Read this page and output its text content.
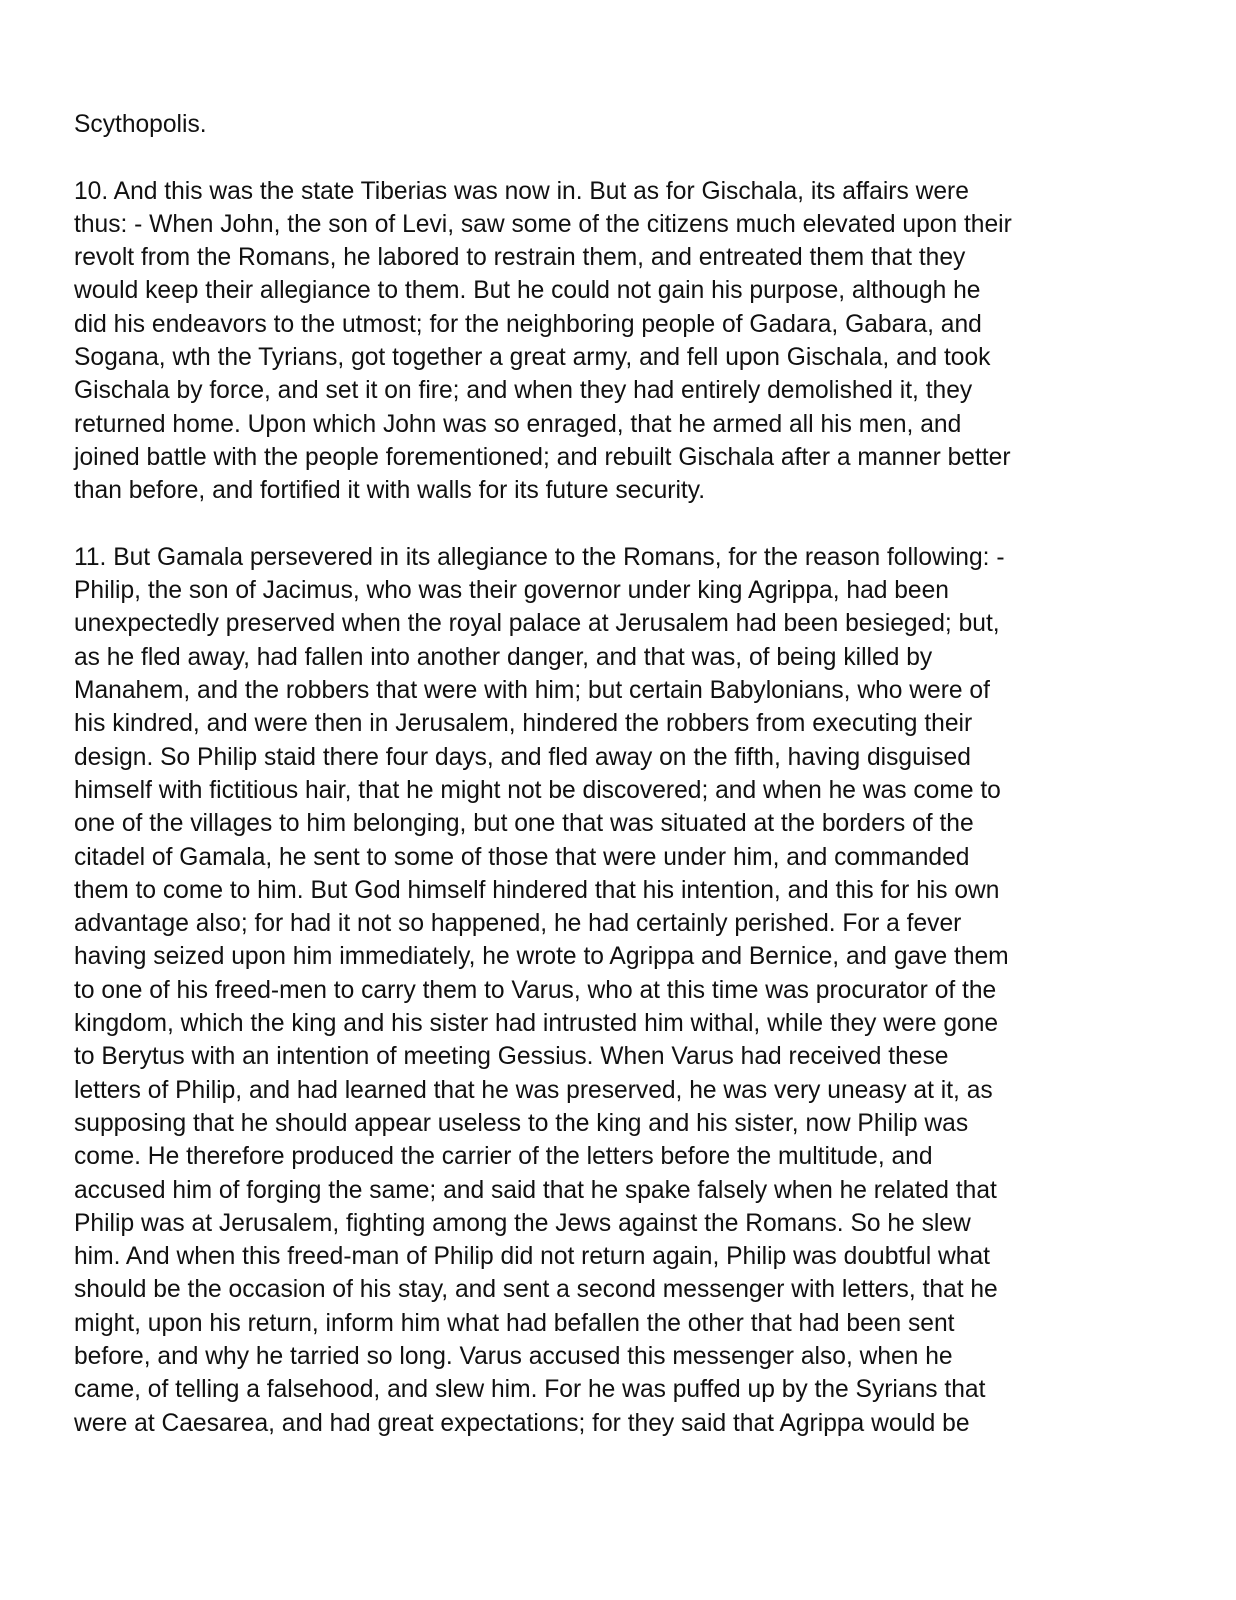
Scythopolis.
10. And this was the state Tiberias was now in. But as for Gischala, its affairs were
thus: - When John, the son of Levi, saw some of the citizens much elevated upon their
revolt from the Romans, he labored to restrain them, and entreated them that they
would keep their allegiance to them. But he could not gain his purpose, although he
did his endeavors to the utmost; for the neighboring people of Gadara, Gabara, and
Sogana, wth the Tyrians, got together a great army, and fell upon Gischala, and took
Gischala by force, and set it on fire; and when they had entirely demolished it, they
returned home. Upon which John was so enraged, that he armed all his men, and
joined battle with the people forementioned; and rebuilt Gischala after a manner better
than before, and fortified it with walls for its future security.
11. But Gamala persevered in its allegiance to the Romans, for the reason following: -
Philip, the son of Jacimus, who was their governor under king Agrippa, had been
unexpectedly preserved when the royal palace at Jerusalem had been besieged; but,
as he fled away, had fallen into another danger, and that was, of being killed by
Manahem, and the robbers that were with him; but certain Babylonians, who were of
his kindred, and were then in Jerusalem, hindered the robbers from executing their
design. So Philip staid there four days, and fled away on the fifth, having disguised
himself with fictitious hair, that he might not be discovered; and when he was come to
one of the villages to him belonging, but one that was situated at the borders of the
citadel of Gamala, he sent to some of those that were under him, and commanded
them to come to him. But God himself hindered that his intention, and this for his own
advantage also; for had it not so happened, he had certainly perished. For a fever
having seized upon him immediately, he wrote to Agrippa and Bernice, and gave them
to one of his freed-men to carry them to Varus, who at this time was procurator of the
kingdom, which the king and his sister had intrusted him withal, while they were gone
to Berytus with an intention of meeting Gessius. When Varus had received these
letters of Philip, and had learned that he was preserved, he was very uneasy at it, as
supposing that he should appear useless to the king and his sister, now Philip was
come. He therefore produced the carrier of the letters before the multitude, and
accused him of forging the same; and said that he spake falsely when he related that
Philip was at Jerusalem, fighting among the Jews against the Romans. So he slew
him. And when this freed-man of Philip did not return again, Philip was doubtful what
should be the occasion of his stay, and sent a second messenger with letters, that he
might, upon his return, inform him what had befallen the other that had been sent
before, and why he tarried so long. Varus accused this messenger also, when he
came, of telling a falsehood, and slew him. For he was puffed up by the Syrians that
were at Caesarea, and had great expectations; for they said that Agrippa would be
